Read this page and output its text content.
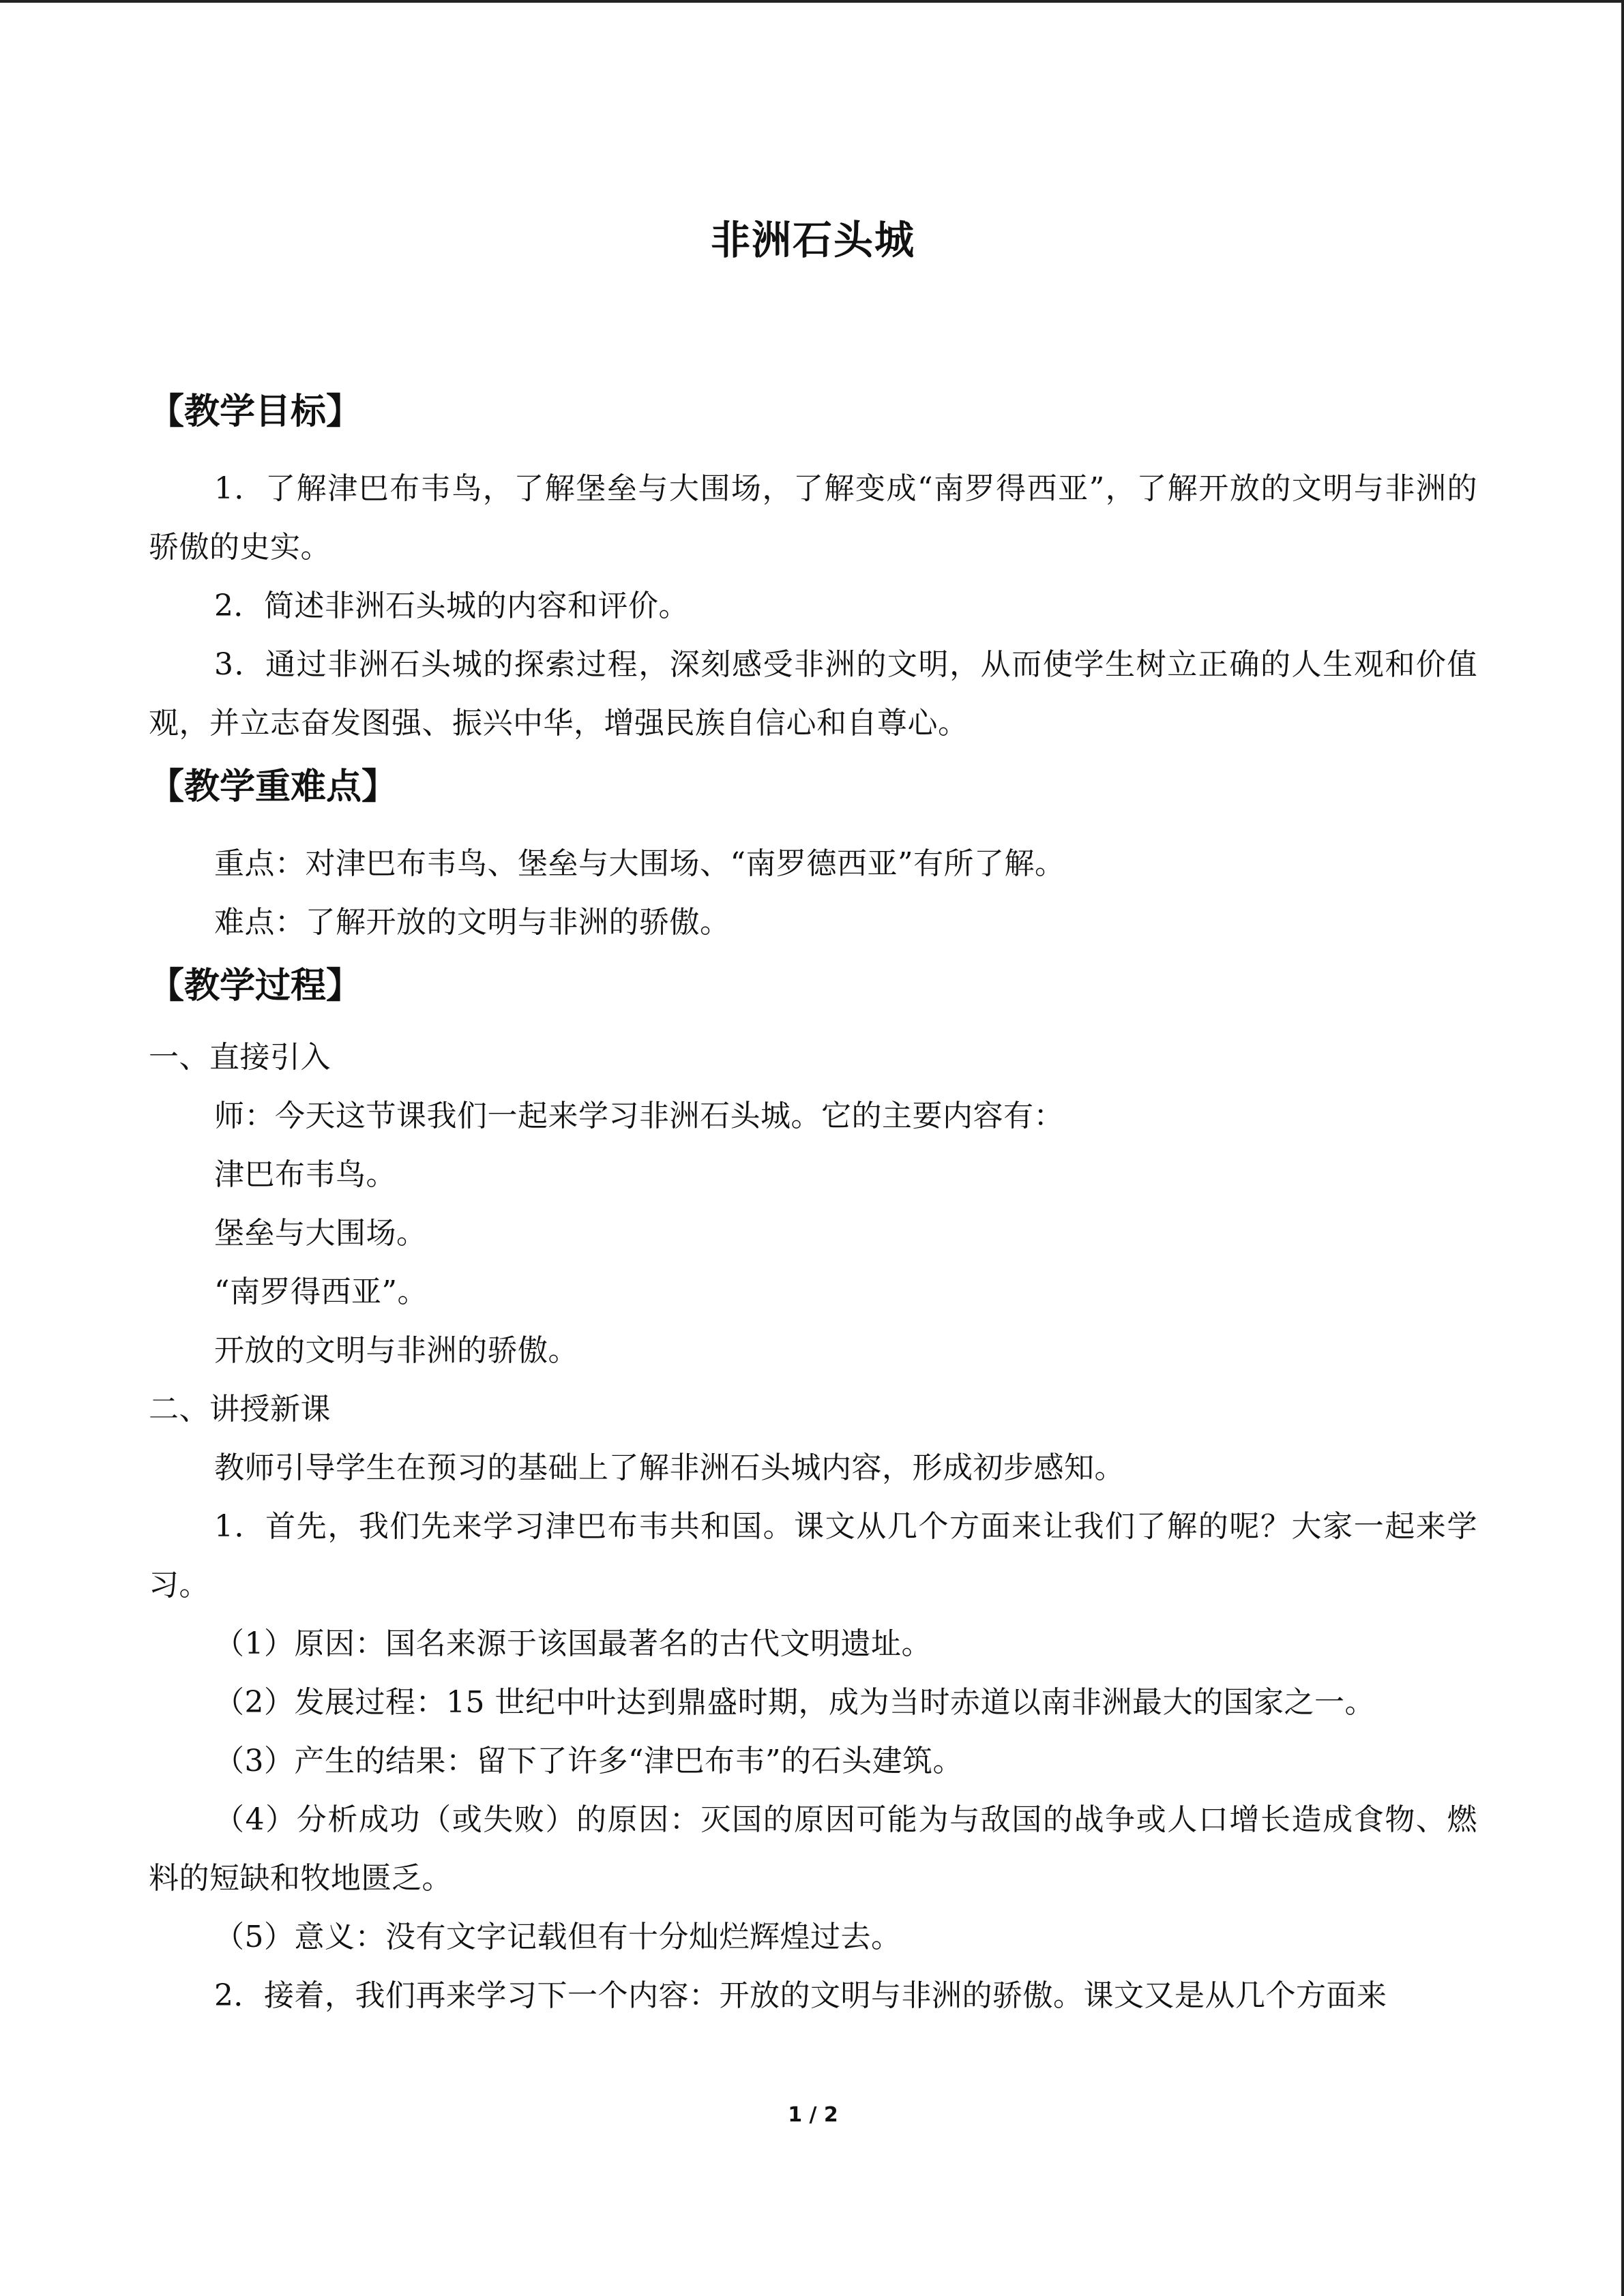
非洲石头城
【教学目标】

1．了解津巴布韦鸟，了解堡垒与大围场，了解变成“南罗得西亚”，了解开放的文明与非洲的骄傲的史实。

2．简述非洲石头城的内容和评价。

3．通过非洲石头城的探索过程，深刻感受非洲的文明，从而使学生树立正确的人生观和价值观，并立志奋发图强、振兴中华，增强民族自信心和自尊心。

【教学重难点】

重点：对津巴布韦鸟、堡垒与大围场、“南罗德西亚”有所了解。

难点：了解开放的文明与非洲的骄傲。

【教学过程】

一、直接引入

师：今天这节课我们一起来学习非洲石头城。它的主要内容有：

津巴布韦鸟。

堡垒与大围场。

“南罗得西亚”。

开放的文明与非洲的骄傲。

二、讲授新课

教师引导学生在预习的基础上了解非洲石头城内容，形成初步感知。

1．首先，我们先来学习津巴布韦共和国。课文从几个方面来让我们了解的呢？大家一起来学习。

（1）原因：国名来源于该国最著名的古代文明遗址。

（2）发展过程：15 世纪中叶达到鼎盛时期，成为当时赤道以南非洲最大的国家之一。

（3）产生的结果：留下了许多“津巴布韦”的石头建筑。

（4）分析成功（或失败）的原因：灭国的原因可能为与敌国的战争或人口增长造成食物、燃料的短缺和牧地匮乏。

（5）意义：没有文字记载但有十分灿烂辉煌过去。

2．接着，我们再来学习下一个内容：开放的文明与非洲的骄傲。课文又是从几个方面来

1 / 2
